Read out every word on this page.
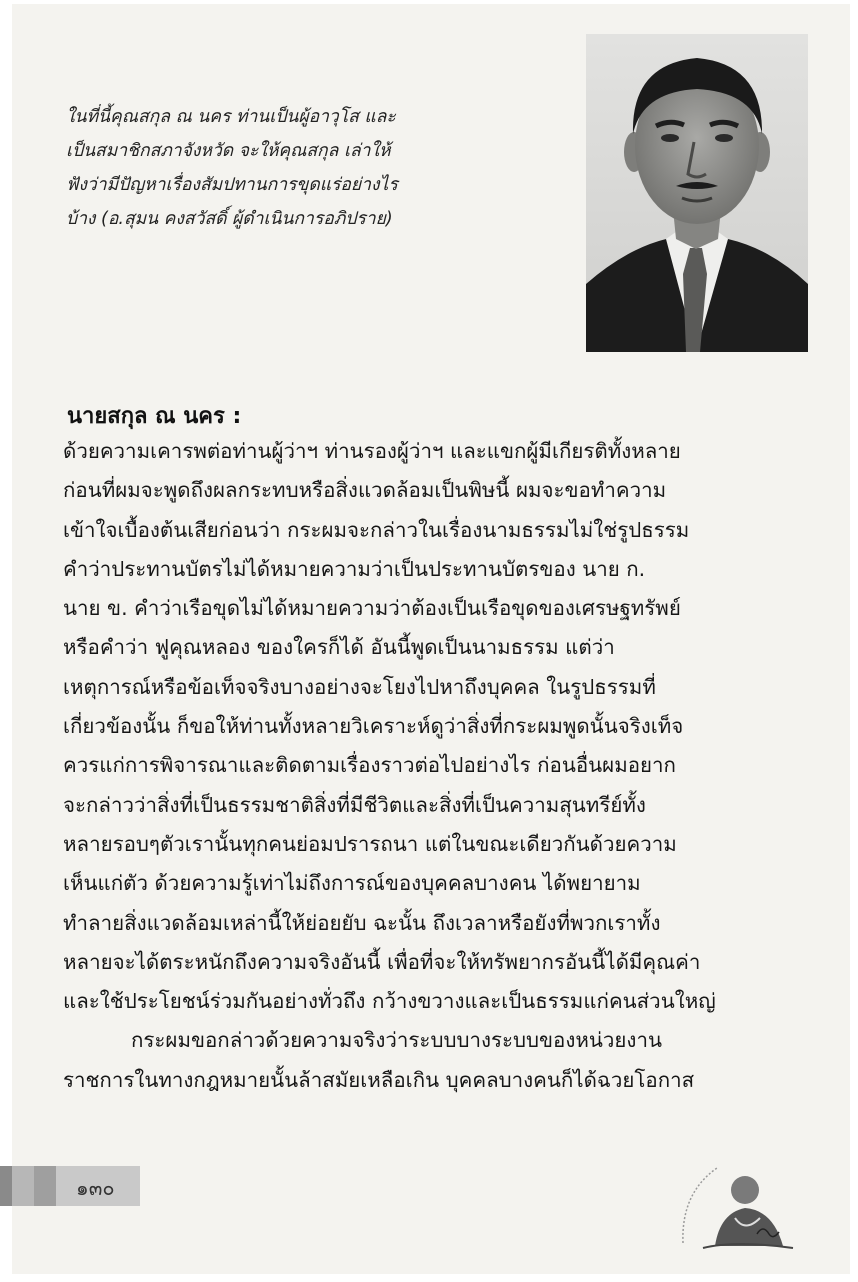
ในที่นี้คุณสกุล ณ นคร ท่านเป็นผู้อาวุโส และ
เป็นสมาชิกสภาจังหวัด จะให้คุณสกุล เล่าให้
ฟังว่ามีปัญหาเรื่องสัมปทานการขุดแร่อย่างไร
บ้าง (อ.สุมน คงสวัสดิ์ ผู้ดำเนินการอภิปราย)
นายสกุล ณ นคร :
ด้วยความเคารพต่อท่านผู้ว่าฯ ท่านรองผู้ว่าฯ และแขกผู้มีเกียรติทั้งหลาย
ก่อนที่ผมจะพูดถึงผลกระทบหรือสิ่งแวดล้อมเป็นพิษนี้ ผมจะขอทำความ
เข้าใจเบื้องต้นเสียก่อนว่า กระผมจะกล่าวในเรื่องนามธรรมไม่ใช่รูปธรรม
คำว่าประทานบัตรไม่ได้หมายความว่าเป็นประทานบัตรของ นาย ก.
นาย ข. คำว่าเรือขุดไม่ได้หมายความว่าต้องเป็นเรือขุดของเศรษฐทรัพย์
หรือคำว่า ฟูคุณหลอง ของใครก็ได้ อันนี้พูดเป็นนามธรรม แต่ว่า
เหตุการณ์หรือข้อเท็จจริงบางอย่างจะโยงไปหาถึงบุคคล ในรูปธรรมที่
เกี่ยวข้องนั้น ก็ขอให้ท่านทั้งหลายวิเคราะห์ดูว่าสิ่งที่กระผมพูดนั้นจริงเท็จ
ควรแก่การพิจารณาและติดตามเรื่องราวต่อไปอย่างไร ก่อนอื่นผมอยาก
จะกล่าวว่าสิ่งที่เป็นธรรมชาติสิ่งที่มีชีวิตและสิ่งที่เป็นความสุนทรีย์ทั้ง
หลายรอบๆตัวเรานั้นทุกคนย่อมปรารถนา แต่ในขณะเดียวกันด้วยความ
เห็นแก่ตัว ด้วยความรู้เท่าไม่ถึงการณ์ของบุคคลบางคน ได้พยายาม
ทำลายสิ่งแวดล้อมเหล่านี้ให้ย่อยยับ ฉะนั้น ถึงเวลาหรือยังที่พวกเราทั้ง
หลายจะได้ตระหนักถึงความจริงอันนี้ เพื่อที่จะให้ทรัพยากรอันนี้ได้มีคุณค่า
และใช้ประโยชน์ร่วมกันอย่างทั่วถึง กว้างขวางและเป็นธรรมแก่คนส่วนใหญ่
กระผมขอกล่าวด้วยความจริงว่าระบบบางระบบของหน่วยงาน
ราชการในทางกฎหมายนั้นล้าสมัยเหลือเกิน บุคคลบางคนก็ได้ฉวยโอกาส
๑๓๐
